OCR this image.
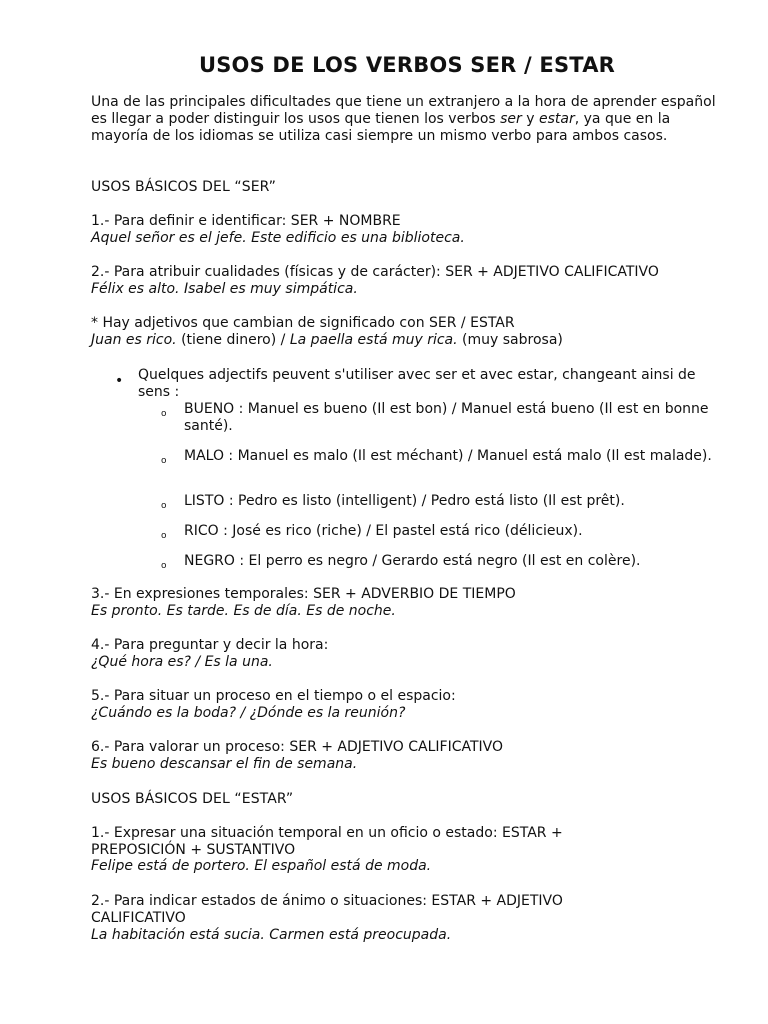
USOS DE LOS VERBOS SER / ESTAR

Una de las principales dificultades que tiene un extranjero a la hora de aprender español es llegar a poder distinguir los usos que tienen los verbos ser y estar, ya que en la mayoría de los idiomas se utiliza casi siempre un mismo verbo para ambos casos.

USOS BÁSICOS DEL “SER”

1.- Para definir e identificar: SER + NOMBRE

Aquel señor es el jefe. Este edificio es una biblioteca.

2.- Para atribuir cualidades (físicas y de carácter): SER + ADJETIVO CALIFICATIVO

Félix es alto. Isabel es muy simpática.

* Hay adjetivos que cambian de significado con SER / ESTAR

Juan es rico. (tiene dinero) / La paella está muy rica. (muy sabrosa)

• Quelques adjectifs peuvent s'utiliser avec ser et avec estar, changeant ainsi de sens :

o BUENO : Manuel es bueno (Il est bon) / Manuel está bueno (Il est en bonne santé).

o MALO : Manuel es malo (Il est méchant) / Manuel está malo (Il est malade).

o LISTO : Pedro es listo (intelligent) / Pedro está listo (Il est prêt).

o RICO : José es rico (riche) / El pastel está rico (délicieux).

o NEGRO : El perro es negro / Gerardo está negro (Il est en colère).

3.- En expresiones temporales: SER + ADVERBIO DE TIEMPO

Es pronto. Es tarde. Es de día. Es de noche.

4.- Para preguntar y decir la hora:

¿Qué hora es? / Es la una.

5.- Para situar un proceso en el tiempo o el espacio:

¿Cuándo es la boda? / ¿Dónde es la reunión?

6.- Para valorar un proceso: SER + ADJETIVO CALIFICATIVO

Es bueno descansar el fin de semana.

USOS BÁSICOS DEL “ESTAR”

1.- Expresar una situación temporal en un oficio o estado: ESTAR + PREPOSICIÓN + SUSTANTIVO

Felipe está de portero. El español está de moda.

2.- Para indicar estados de ánimo o situaciones: ESTAR + ADJETIVO CALIFICATIVO

La habitación está sucia. Carmen está preocupada.
